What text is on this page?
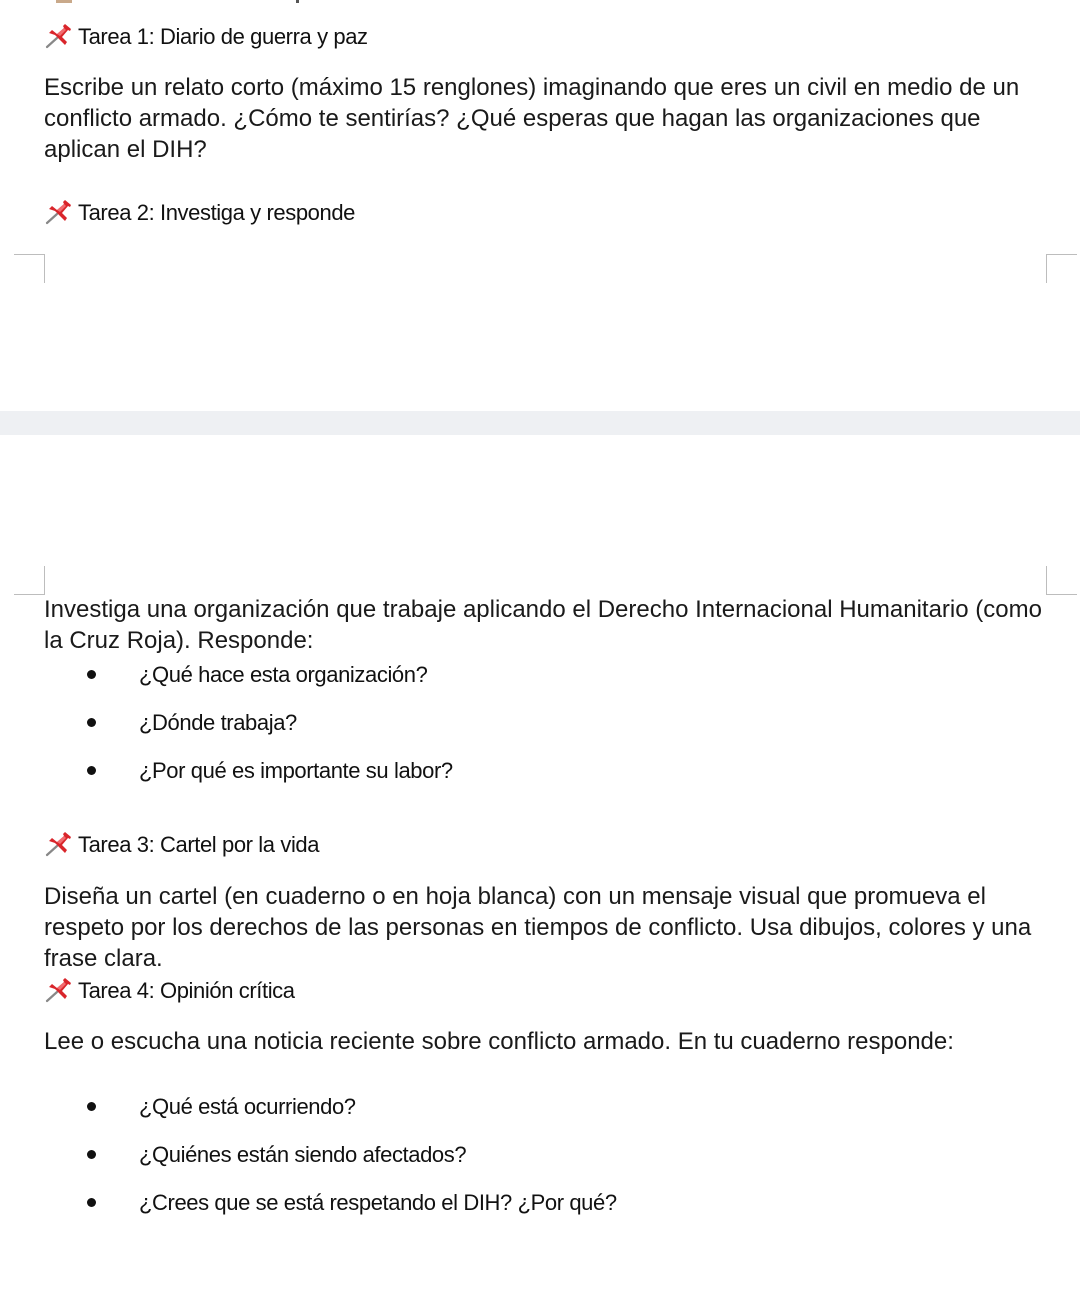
Tarea 1: Diario de guerra y paz
Escribe un relato corto (máximo 15 renglones) imaginando que eres un civil en medio de un conflicto armado. ¿Cómo te sentirías? ¿Qué esperas que hagan las organizaciones que aplican el DIH?
Tarea 2: Investiga y responde
Investiga una organización que trabaje aplicando el Derecho Internacional Humanitario (como la Cruz Roja). Responde:
¿Qué hace esta organización?
¿Dónde trabaja?
¿Por qué es importante su labor?
Tarea 3: Cartel por la vida
Diseña un cartel (en cuaderno o en hoja blanca) con un mensaje visual que promueva el respeto por los derechos de las personas en tiempos de conflicto. Usa dibujos, colores y una frase clara.
Tarea 4: Opinión crítica
Lee o escucha una noticia reciente sobre conflicto armado. En tu cuaderno responde:
¿Qué está ocurriendo?
¿Quiénes están siendo afectados?
¿Crees que se está respetando el DIH? ¿Por qué?
